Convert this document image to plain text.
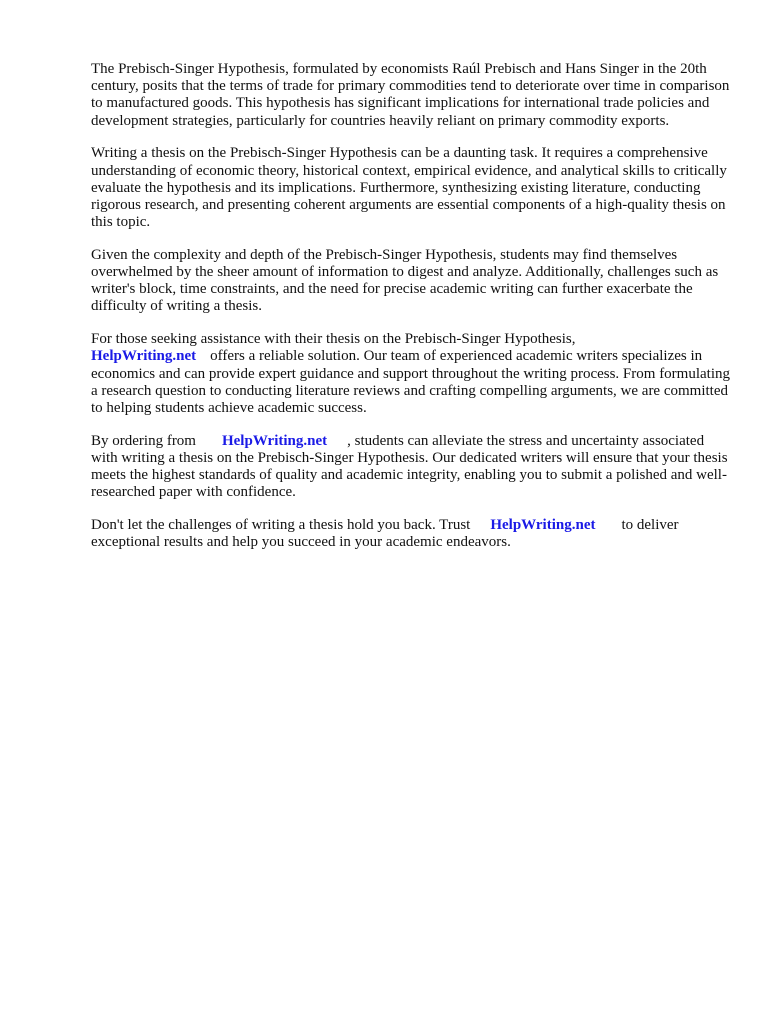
The Prebisch-Singer Hypothesis, formulated by economists Raúl Prebisch and Hans Singer in the 20th century, posits that the terms of trade for primary commodities tend to deteriorate over time in comparison to manufactured goods. This hypothesis has significant implications for international trade policies and development strategies, particularly for countries heavily reliant on primary commodity exports.

Writing a thesis on the Prebisch-Singer Hypothesis can be a daunting task. It requires a comprehensive understanding of economic theory, historical context, empirical evidence, and analytical skills to critically evaluate the hypothesis and its implications. Furthermore, synthesizing existing literature, conducting rigorous research, and presenting coherent arguments are essential components of a high-quality thesis on this topic.

Given the complexity and depth of the Prebisch-Singer Hypothesis, students may find themselves overwhelmed by the sheer amount of information to digest and analyze. Additionally, challenges such as writer's block, time constraints, and the need for precise academic writing can further exacerbate the difficulty of writing a thesis.

For those seeking assistance with their thesis on the Prebisch-Singer Hypothesis,
HelpWriting.net offers a reliable solution. Our team of experienced academic writers specializes in economics and can provide expert guidance and support throughout the writing process. From formulating a research question to conducting literature reviews and crafting compelling arguments, we are committed to helping students achieve academic success.

By ordering from HelpWriting.net , students can alleviate the stress and uncertainty associated with writing a thesis on the Prebisch-Singer Hypothesis. Our dedicated writers will ensure that your thesis meets the highest standards of quality and academic integrity, enabling you to submit a polished and well-researched paper with confidence.

Don't let the challenges of writing a thesis hold you back. Trust HelpWriting.net to deliver exceptional results and help you succeed in your academic endeavors.
